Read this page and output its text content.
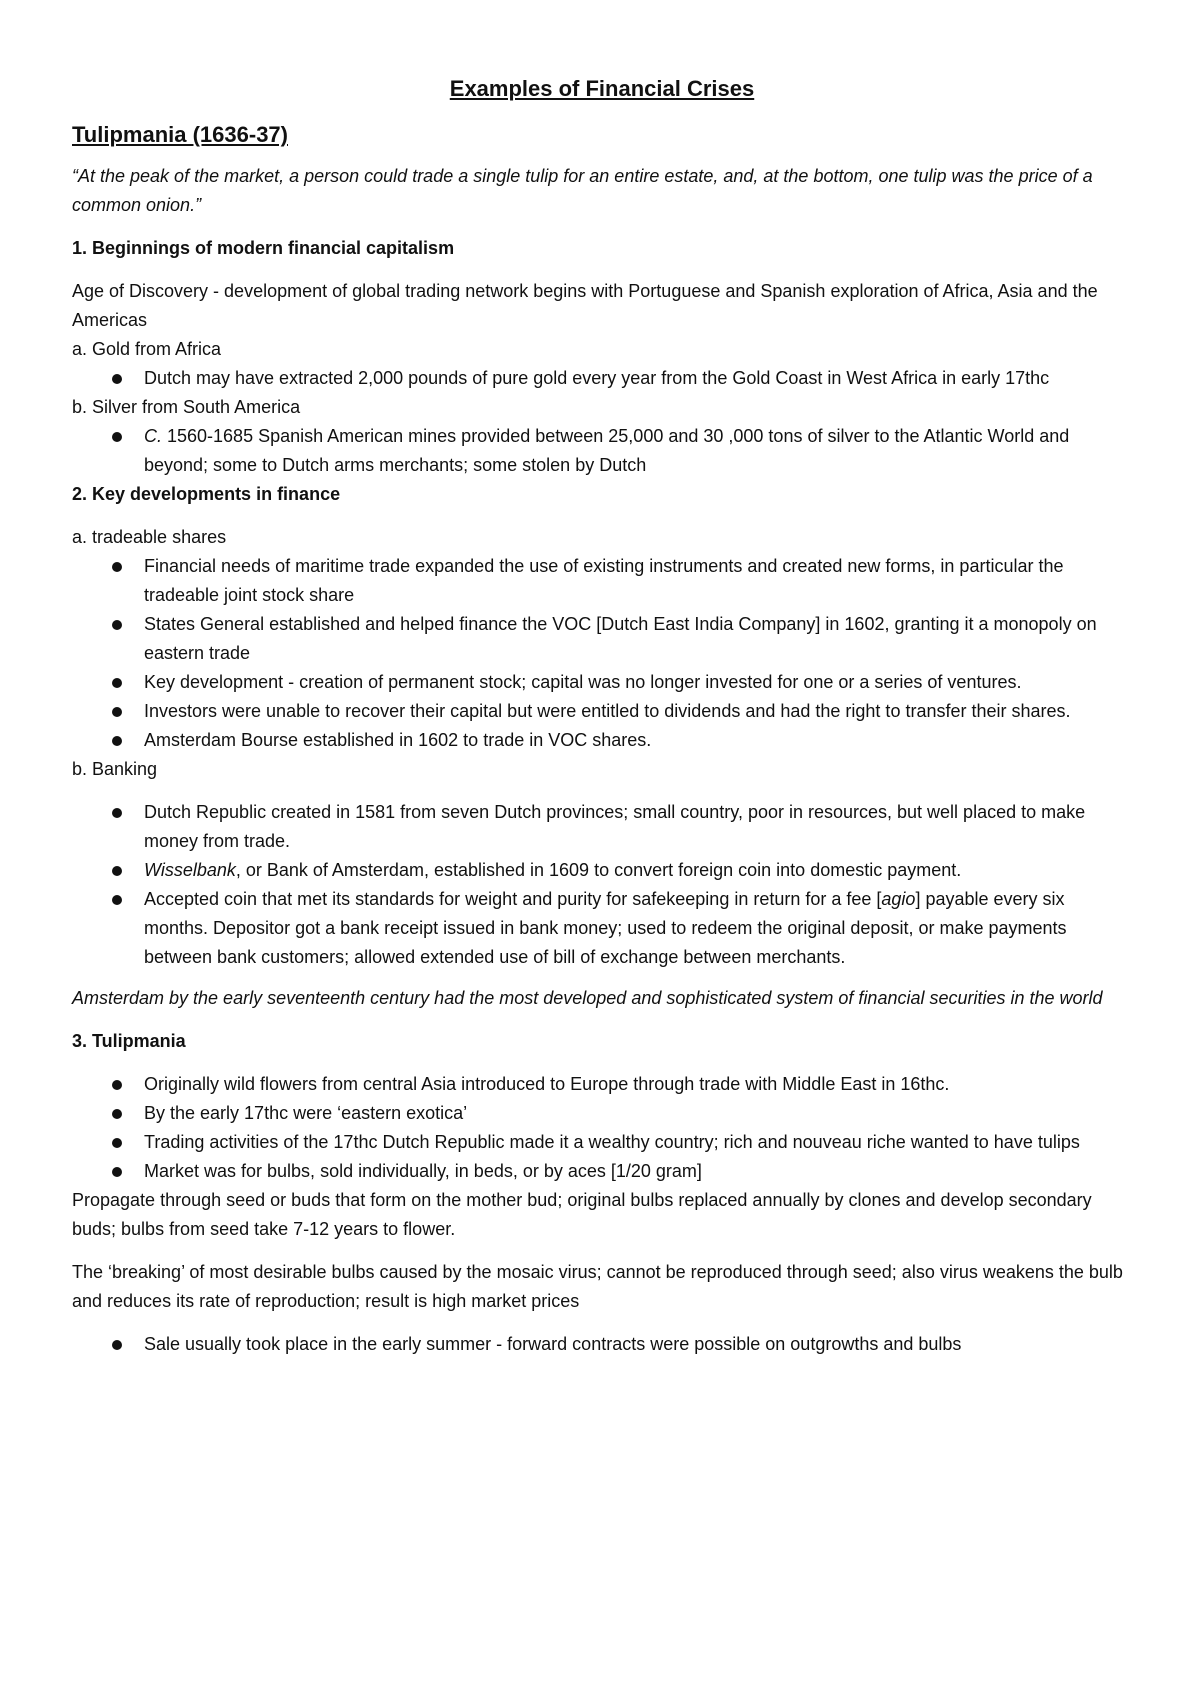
Examples of Financial Crises
Tulipmania (1636-37)

“At the peak of the market, a person could trade a single tulip for an entire estate, and, at the bottom, one tulip was the price of a common onion.”

1. Beginnings of modern financial capitalism

Age of Discovery - development of global trading network begins with Portuguese and Spanish exploration of Africa, Asia and the Americas

a. Gold from Africa

Dutch may have extracted 2,000 pounds of pure gold every year from the Gold Coast in West Africa in early 17thc

b. Silver from South America

C. 1560-1685 Spanish American mines provided between 25,000 and 30 ,000 tons of silver to the Atlantic World and beyond; some to Dutch arms merchants; some stolen by Dutch

2. Key developments in finance

a. tradeable shares

Financial needs of maritime trade expanded the use of existing instruments and created new forms, in particular the tradeable joint stock share
States General established and helped finance the VOC [Dutch East India Company] in 1602, granting it a monopoly on eastern trade
Key development - creation of permanent stock; capital was no longer invested for one or a series of ventures.
Investors were unable to recover their capital but were entitled to dividends and had the right to transfer their shares.
Amsterdam Bourse established in 1602 to trade in VOC shares.

b. Banking

Dutch Republic created in 1581 from seven Dutch provinces; small country, poor in resources, but well placed to make money from trade.
Wisselbank, or Bank of Amsterdam, established in 1609 to convert foreign coin into domestic payment.
Accepted coin that met its standards for weight and purity for safekeeping in return for a fee [agio] payable every six months. Depositor got a bank receipt issued in bank money; used to redeem the original deposit, or make payments between bank customers; allowed extended use of bill of exchange between merchants.

Amsterdam by the early seventeenth century had the most developed and sophisticated system of financial securities in the world

3. Tulipmania

Originally wild flowers from central Asia introduced to Europe through trade with Middle East in 16thc.
By the early 17thc were ‘eastern exotica’
Trading activities of the 17thc Dutch Republic made it a wealthy country; rich and nouveau riche wanted to have tulips
Market was for bulbs, sold individually, in beds, or by aces [1/20 gram]

Propagate through seed or buds that form on the mother bud; original bulbs replaced annually by clones and develop secondary buds; bulbs from seed take 7-12 years to flower.

The ‘breaking’ of most desirable bulbs caused by the mosaic virus; cannot be reproduced through seed; also virus weakens the bulb and reduces its rate of reproduction; result is high market prices

Sale usually took place in the early summer - forward contracts were possible on outgrowths and bulbs
